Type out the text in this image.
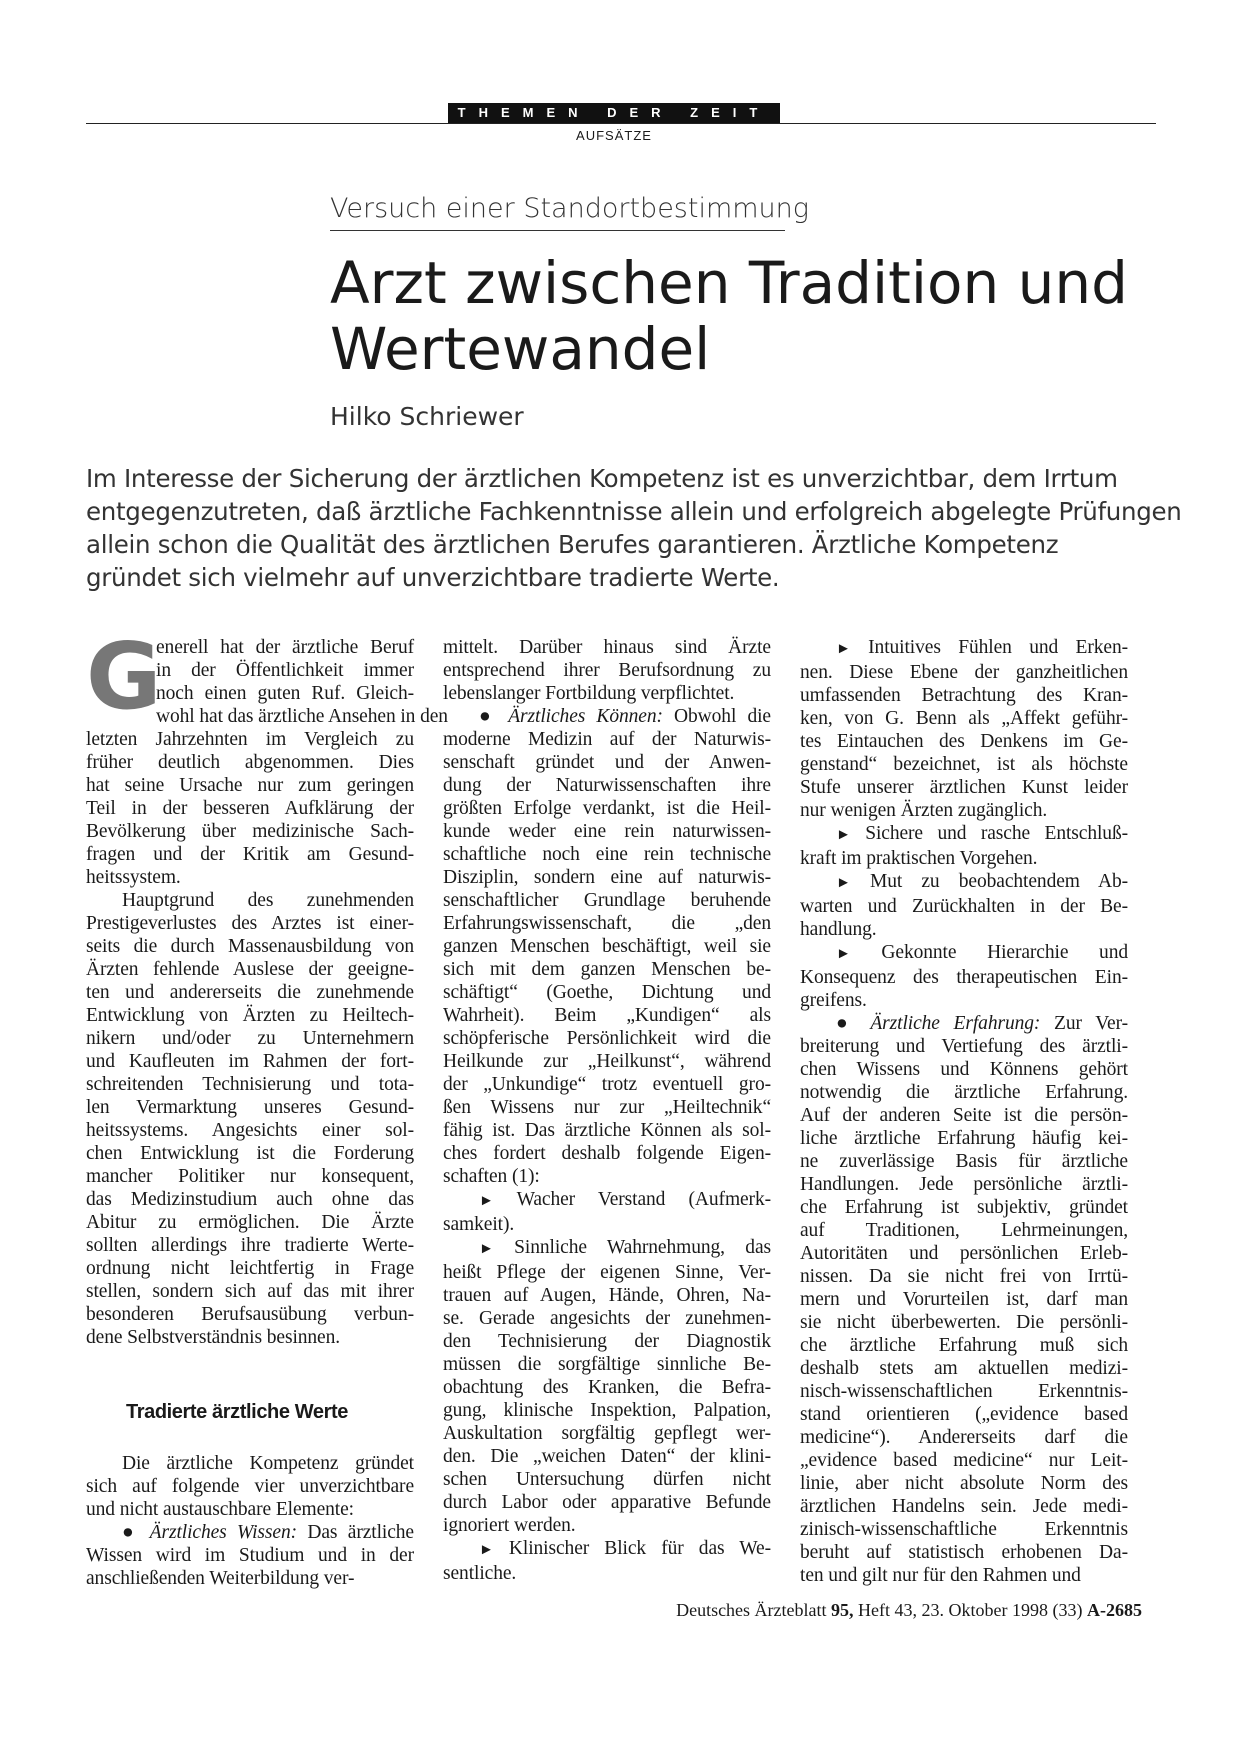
THEMEN DER ZEIT
AUFSÄTZE
Versuch einer Standortbestimmung
Arzt zwischen Tradition und
Wertewandel
Hilko Schriewer

Im Interesse der Sicherung der ärztlichen Kompetenz ist es unverzichtbar, dem Irrtum

entgegenzutreten, daß ärztliche Fachkenntnisse allein und erfolgreich abgelegte Prüfungen

allein schon die Qualität des ärztlichen Berufes garantieren. Ärztliche Kompetenz

gründet sich vielmehr auf unverzichtbare tradierte Werte.

G
enerell hat der ärztliche Beruf
in der Öffentlichkeit immer
noch einen guten Ruf. Gleich-
wohl hat das ärztliche Ansehen in den
letzten Jahrzehnten im Vergleich zu
früher deutlich abgenommen. Dies
hat seine Ursache nur zum geringen
Teil in der besseren Aufklärung der
Bevölkerung über medizinische Sach-
fragen und der Kritik am Gesund-
heitssystem.

Hauptgrund des zunehmenden
Prestigeverlustes des Arztes ist einer-
seits die durch Massenausbildung von
Ärzten fehlende Auslese der geeigne-
ten und andererseits die zunehmende
Entwicklung von Ärzten zu Heiltech-
nikern und/oder zu Unternehmern
und Kaufleuten im Rahmen der fort-
schreitenden Technisierung und tota-
len Vermarktung unseres Gesund-
heitssystems. Angesichts einer sol-
chen Entwicklung ist die Forderung
mancher Politiker nur konsequent,
das Medizinstudium auch ohne das
Abitur zu ermöglichen. Die Ärzte
sollten allerdings ihre tradierte Werte-
ordnung nicht leichtfertig in Frage
stellen, sondern sich auf das mit ihrer
besonderen Berufsausübung verbun-
dene Selbstverständnis besinnen.

Tradierte ärztliche Werte

Die ärztliche Kompetenz gründet
sich auf folgende vier unverzichtbare
und nicht austauschbare Elemente:

● Ärztliches Wissen: Das ärztliche
Wissen wird im Studium und in der
anschließenden Weiterbildung ver-

mittelt. Darüber hinaus sind Ärzte
entsprechend ihrer Berufsordnung zu
lebenslanger Fortbildung verpflichtet.

● Ärztliches Können: Obwohl die
moderne Medizin auf der Naturwis-
senschaft gründet und der Anwen-
dung der Naturwissenschaften ihre
größten Erfolge verdankt, ist die Heil-
kunde weder eine rein naturwissen-
schaftliche noch eine rein technische
Disziplin, sondern eine auf naturwis-
senschaftlicher Grundlage beruhende
Erfahrungswissenschaft, die „den
ganzen Menschen beschäftigt, weil sie
sich mit dem ganzen Menschen be-
schäftigt“ (Goethe, Dichtung und
Wahrheit). Beim „Kundigen“ als
schöpferische Persönlichkeit wird die
Heilkunde zur „Heilkunst“, während
der „Unkundige“ trotz eventuell gro-
ßen Wissens nur zur „Heiltechnik“
fähig ist. Das ärztliche Können als sol-
ches fordert deshalb folgende Eigen-
schaften (1):

► Wacher Verstand (Aufmerk-
samkeit).

► Sinnliche Wahrnehmung, das
heißt Pflege der eigenen Sinne, Ver-
trauen auf Augen, Hände, Ohren, Na-
se. Gerade angesichts der zunehmen-
den Technisierung der Diagnostik
müssen die sorgfältige sinnliche Be-
obachtung des Kranken, die Befra-
gung, klinische Inspektion, Palpation,
Auskultation sorgfältig gepflegt wer-
den. Die „weichen Daten“ der klini-
schen Untersuchung dürfen nicht
durch Labor oder apparative Befunde
ignoriert werden.

► Klinischer Blick für das We-
sentliche.

► Intuitives Fühlen und Erken-
nen. Diese Ebene der ganzheitlichen
umfassenden Betrachtung des Kran-
ken, von G. Benn als „Affekt geführ-
tes Eintauchen des Denkens im Ge-
genstand“ bezeichnet, ist als höchste
Stufe unserer ärztlichen Kunst leider
nur wenigen Ärzten zugänglich.

► Sichere und rasche Entschluß-
kraft im praktischen Vorgehen.

► Mut zu beobachtendem Ab-
warten und Zurückhalten in der Be-
handlung.

► Gekonnte Hierarchie und
Konsequenz des therapeutischen Ein-
greifens.

● Ärztliche Erfahrung: Zur Ver-
breiterung und Vertiefung des ärztli-
chen Wissens und Könnens gehört
notwendig die ärztliche Erfahrung.
Auf der anderen Seite ist die persön-
liche ärztliche Erfahrung häufig kei-
ne zuverlässige Basis für ärztliche
Handlungen. Jede persönliche ärztli-
che Erfahrung ist subjektiv, gründet
auf Traditionen, Lehrmeinungen,
Autoritäten und persönlichen Erleb-
nissen. Da sie nicht frei von Irrtü-
mern und Vorurteilen ist, darf man
sie nicht überbewerten. Die persönli-
che ärztliche Erfahrung muß sich
deshalb stets am aktuellen medizi-
nisch-wissenschaftlichen Erkenntnis-
stand orientieren („evidence based
medicine“). Andererseits darf die
„evidence based medicine“ nur Leit-
linie, aber nicht absolute Norm des
ärztlichen Handelns sein. Jede medi-
zinisch-wissenschaftliche Erkenntnis
beruht auf statistisch erhobenen Da-
ten und gilt nur für den Rahmen und

Deutsches Ärzteblatt 95, Heft 43, 23. Oktober 1998 (33) A-2685
